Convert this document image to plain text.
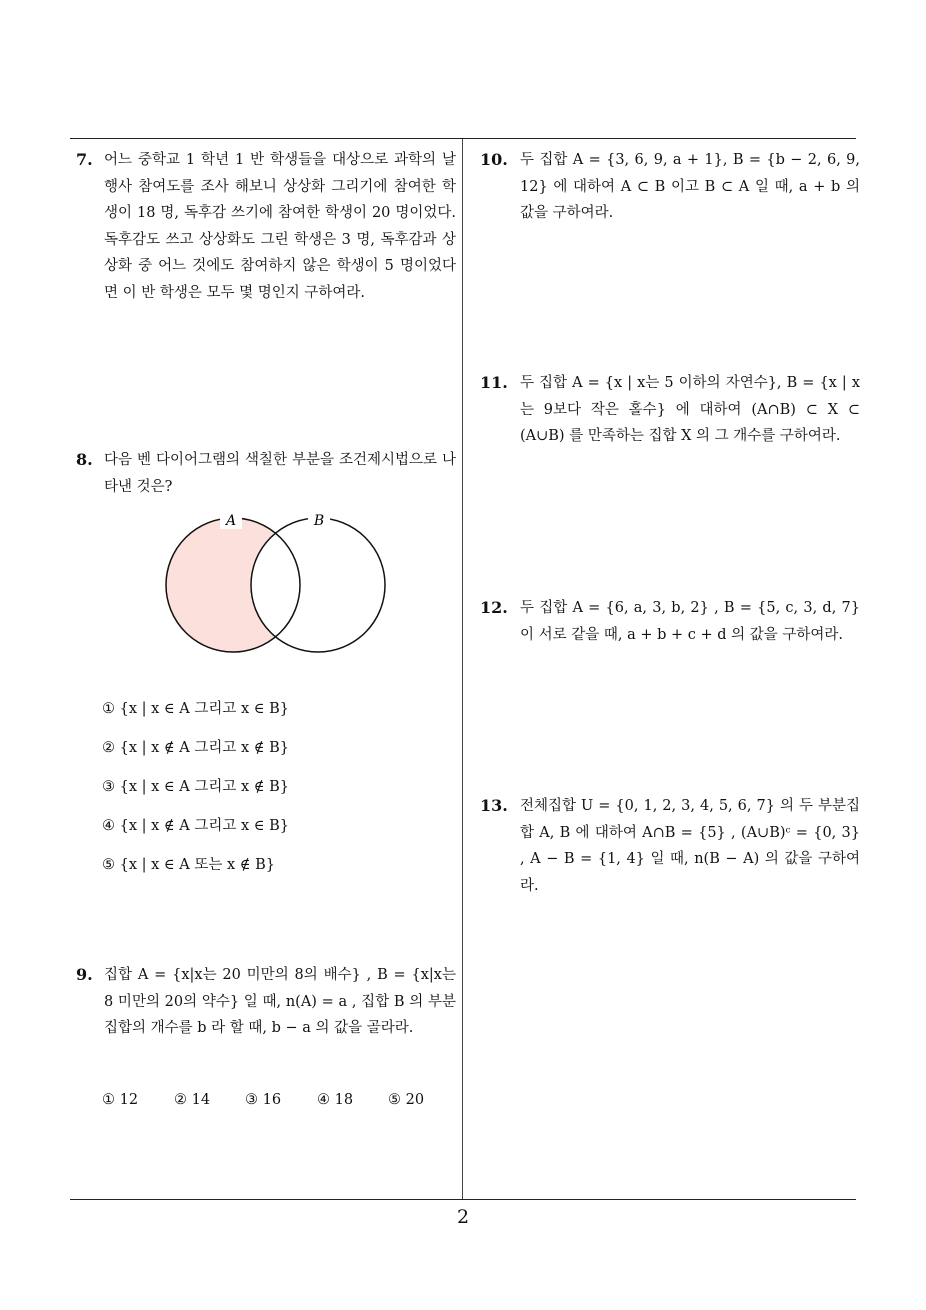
7. 어느 중학교 1 학년 1 반 학생들을 대상으로 과학의 날 행사 참여도를 조사 해보니 상상화 그리기에 참여한 학생이 18 명, 독후감 쓰기에 참여한 학생이 20 명이었다. 독후감도 쓰고 상상화도 그린 학생은 3 명, 독후감과 상상화 중 어느 것에도 참여하지 않은 학생이 5 명이었다면 이 반 학생은 모두 몇 명인지 구하여라.
8. 다음 벤 다이어그램의 색칠한 부분을 조건제시법으로 나타낸 것은?
A	B
① {x | x ∈ A 그리고 x ∈ B}
② {x | x ∉ A 그리고 x ∉ B}
③ {x | x ∈ A 그리고 x ∉ B}
④ {x | x ∉ A 그리고 x ∈ B}
⑤ {x | x ∈ A 또는 x ∉ B}
9. 집합 A = {x|x는 20 미만의 8의 배수} , B = {x|x는 8 미만의 20의 약수} 일 때, n(A) = a , 집합 B 의 부분집합의 개수를 b 라 할 때, b − a 의 값을 골라라.
① 12 ② 14 ③ 16 ④ 18 ⑤ 20
10. 두 집합 A = {3, 6, 9, a + 1}, B = {b − 2, 6, 9, 12} 에 대하여 A ⊂ B 이고 B ⊂ A 일 때, a + b 의 값을 구하여라.
11. 두 집합 A = {x | x는 5 이하의 자연수}, B = {x | x는 9보다 작은 홀수} 에 대하여 (A∩B) ⊂ X ⊂ (A∪B) 를 만족하는 집합 X 의 그 개수를 구하여라.
12. 두 집합 A = {6, a, 3, b, 2} , B = {5, c, 3, d, 7} 이 서로 같을 때, a + b + c + d 의 값을 구하여라.
13. 전체집합 U = {0, 1, 2, 3, 4, 5, 6, 7} 의 두 부분집합 A, B 에 대하여 A∩B = {5} , (A∪B)ᶜ = {0, 3} , A − B = {1, 4} 일 때, n(B − A) 의 값을 구하여라.
2
